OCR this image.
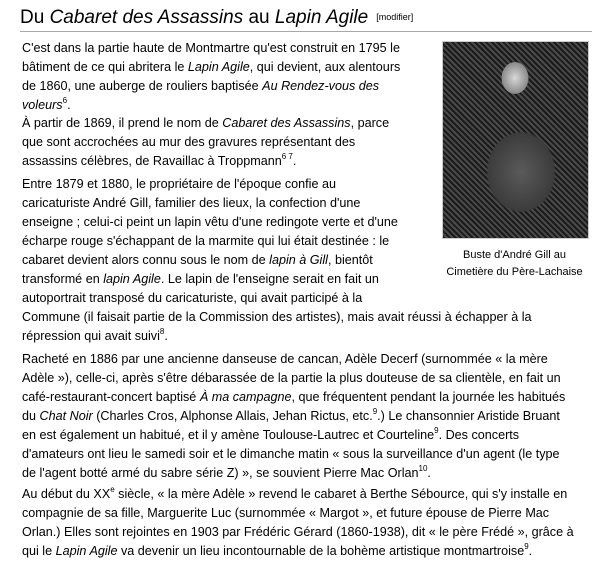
Du Cabaret des Assassins au Lapin Agile [modifier]
Buste d'André Gill au
Cimetière du Père-Lachaise
C'est dans la partie haute de Montmartre qu'est construit en 1795 le
bâtiment de ce qui abritera le Lapin Agile, qui devient, aux alentours
de 1860, une auberge de rouliers baptisée Au Rendez-vous des
voleurs$^6$.
À partir de 1869, il prend le nom de Cabaret des Assassins, parce
que sont accrochées au mur des gravures représentant des
assassins célèbres, de Ravaillac à Troppmann$^{6 7}$.
Entre 1879 et 1880, le propriétaire de l'époque confie au
caricaturiste André Gill, familier des lieux, la confection d'une
enseigne ; celui-ci peint un lapin vêtu d'une redingote verte et d'une
écharpe rouge s'échappant de la marmite qui lui était destinée : le
cabaret devient alors connu sous le nom de lapin à Gill, bientôt
transformé en lapin Agile. Le lapin de l'enseigne serait en fait un
autoportrait transposé du caricaturiste, qui avait participé à la
Commune (il faisait partie de la Commission des artistes), mais avait réussi à échapper à la
répression qui avait suivi$^8$.
Racheté en 1886 par une ancienne danseuse de cancan, Adèle Decerf (surnommée « la mère
Adèle »), celle-ci, après s'être débarassée de la partie la plus douteuse de sa clientèle, en fait un
café-restaurant-concert baptisé À ma campagne, que fréquentent pendant la journée les habitués
du Chat Noir (Charles Cros, Alphonse Allais, Jehan Rictus, etc.$^9$.) Le chansonnier Aristide Bruant
en est également un habitué, et il y amène Toulouse-Lautrec et Courteline$^9$. Des concerts
d'amateurs ont lieu le samedi soir et le dimanche matin « sous la surveillance d'un agent (le type
de l'agent botté armé du sabre série Z) », se souvient Pierre Mac Orlan$^{10}$.
Au début du XXe siècle, « la mère Adèle » revend le cabaret à Berthe Sébource, qui s'y installe en
compagnie de sa fille, Marguerite Luc (surnommée « Margot », et future épouse de Pierre Mac
Orlan.) Elles sont rejointes en 1903 par Frédéric Gérard (1860-1938), dit « le père Frédé », grâce à
qui le Lapin Agile va devenir un lieu incontournable de la bohème artistique montmartroise$^9$.
